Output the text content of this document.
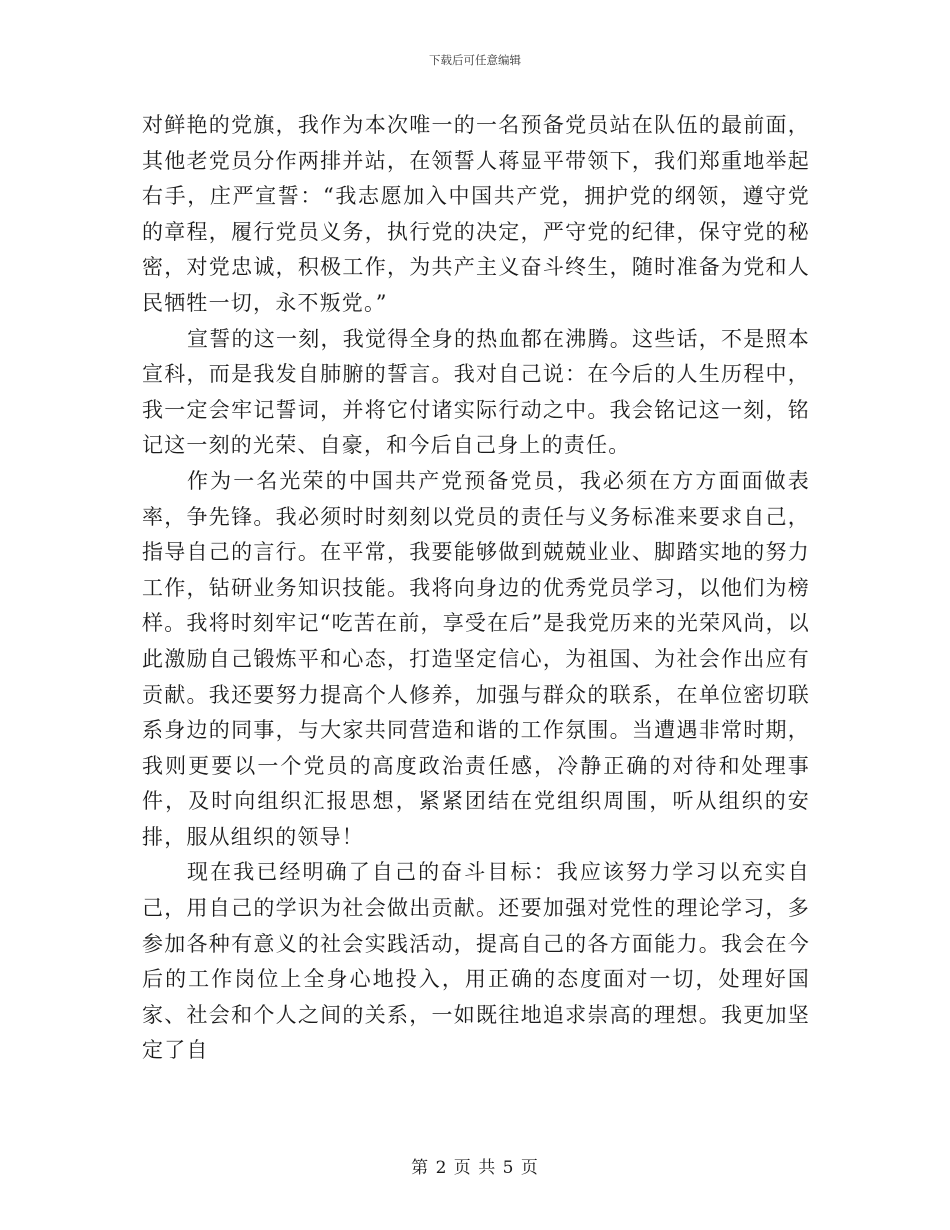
下载后可任意编辑

对鲜艳的党旗，我作为本次唯一的一名预备党员站在队伍的最前面，其他老党员分作两排并站，在领誓人蒋显平带领下，我们郑重地举起右手，庄严宣誓：“我志愿加入中国共产党，拥护党的纲领，遵守党的章程，履行党员义务，执行党的决定，严守党的纪律，保守党的秘密，对党忠诚，积极工作，为共产主义奋斗终生，随时准备为党和人民牺牲一切，永不叛党。”

宣誓的这一刻，我觉得全身的热血都在沸腾。这些话，不是照本宣科，而是我发自肺腑的誓言。我对自己说：在今后的人生历程中，我一定会牢记誓词，并将它付诸实际行动之中。我会铭记这一刻，铭记这一刻的光荣、自豪，和今后自己身上的责任。

作为一名光荣的中国共产党预备党员，我必须在方方面面做表率，争先锋。我必须时时刻刻以党员的责任与义务标准来要求自己，指导自己的言行。在平常，我要能够做到兢兢业业、脚踏实地的努力工作，钻研业务知识技能。我将向身边的优秀党员学习，以他们为榜样。我将时刻牢记“吃苦在前，享受在后”是我党历来的光荣风尚，以此激励自己锻炼平和心态，打造坚定信心，为祖国、为社会作出应有贡献。我还要努力提高个人修养，加强与群众的联系，在单位密切联系身边的同事，与大家共同营造和谐的工作氛围。当遭遇非常时期，我则更要以一个党员的高度政治责任感，冷静正确的对待和处理事件，及时向组织汇报思想，紧紧团结在党组织周围，听从组织的安排，服从组织的领导！

现在我已经明确了自己的奋斗目标：我应该努力学习以充实自己，用自己的学识为社会做出贡献。还要加强对党性的理论学习，多参加各种有意义的社会实践活动，提高自己的各方面能力。我会在今后的工作岗位上全身心地投入，用正确的态度面对一切，处理好国家、社会和个人之间的关系，一如既往地追求崇高的理想。我更加坚定了自

第 2 页 共 5 页
